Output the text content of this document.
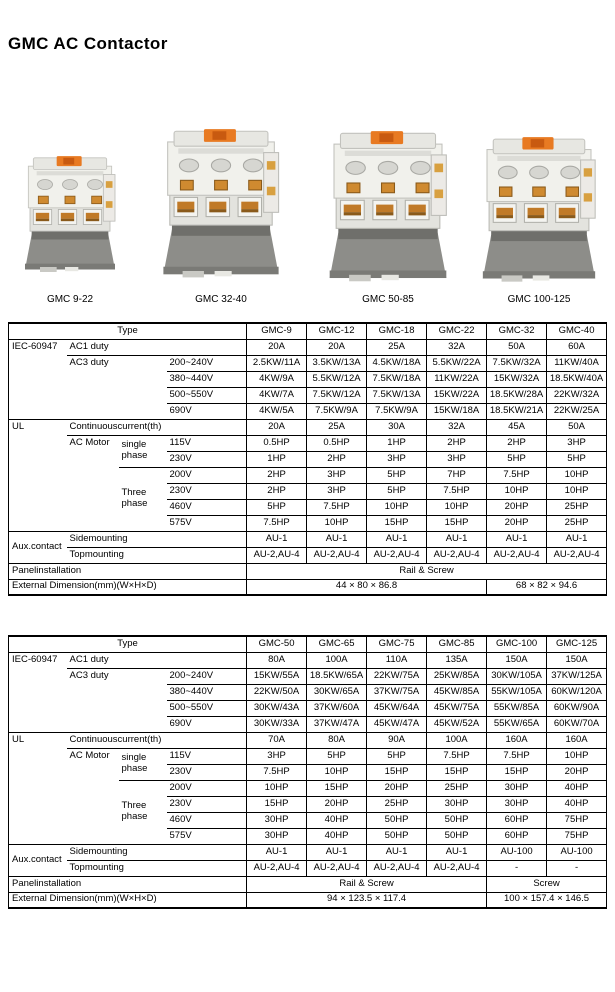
GMC AC Contactor
GMC 9-22	GMC 32-40	GMC 50-85	GMC 100-125
Type				GMC-9	GMC-12	GMC-18	GMC-22	GMC-32	GMC-40
IEC-60947	AC1 duty			20A	20A	25A	32A	50A	60A
	AC3 duty		200~240V	2.5KW/11A	3.5KW/13A	4.5KW/18A	5.5KW/22A	7.5KW/32A	11KW/40A
			380~440V	4KW/9A	5.5KW/12A	7.5KW/18A	11KW/22A	15KW/32A	18.5KW/40A
			500~550V	4KW/7A	7.5KW/12A	7.5KW/13A	15KW/22A	18.5KW/28A	22KW/32A
			690V	4KW/5A	7.5KW/9A	7.5KW/9A	15KW/18A	18.5KW/21A	22KW/25A
UL	Continuouscurrent(th)			20A	25A	30A	32A	45A	50A
	AC Motor	single phase	115V	0.5HP	0.5HP	1HP	2HP	2HP	3HP
			230V	1HP	2HP	3HP	3HP	5HP	5HP
		Three phase	200V	2HP	3HP	5HP	7HP	7.5HP	10HP
			230V	2HP	3HP	5HP	7.5HP	10HP	10HP
			460V	5HP	7.5HP	10HP	10HP	20HP	25HP
			575V	7.5HP	10HP	15HP	15HP	20HP	25HP
Aux.contact	Sidemounting			AU-1	AU-1	AU-1	AU-1	AU-1	AU-1
	Topmounting			AU-2,AU-4	AU-2,AU-4	AU-2,AU-4	AU-2,AU-4	AU-2,AU-4	AU-2,AU-4
Panelinstallation				Rail & Screw					
External Dimension(mm)(W×H×D)				44 × 80 × 86.8				68 × 82 × 94.6	
Type				GMC-50	GMC-65	GMC-75	GMC-85	GMC-100	GMC-125
IEC-60947	AC1 duty			80A	100A	110A	135A	150A	150A
	AC3 duty		200~240V	15KW/55A	18.5KW/65A	22KW/75A	25KW/85A	30KW/105A	37KW/125A
			380~440V	22KW/50A	30KW/65A	37KW/75A	45KW/85A	55KW/105A	60KW/120A
			500~550V	30KW/43A	37KW/60A	45KW/64A	45KW/75A	55KW/85A	60KW/90A
			690V	30KW/33A	37KW/47A	45KW/47A	45KW/52A	55KW/65A	60KW/70A
UL	Continuouscurrent(th)			70A	80A	90A	100A	160A	160A
	AC Motor	single phase	115V	3HP	5HP	5HP	7.5HP	7.5HP	10HP
			230V	7.5HP	10HP	15HP	15HP	15HP	20HP
		Three phase	200V	10HP	15HP	20HP	25HP	30HP	40HP
			230V	15HP	20HP	25HP	30HP	30HP	40HP
			460V	30HP	40HP	50HP	50HP	60HP	75HP
			575V	30HP	40HP	50HP	50HP	60HP	75HP
Aux.contact	Sidemounting			AU-1	AU-1	AU-1	AU-1	AU-100	AU-100
	Topmounting			AU-2,AU-4	AU-2,AU-4	AU-2,AU-4	AU-2,AU-4	-	-
Panelinstallation				Rail & Screw				Screw	
External Dimension(mm)(W×H×D)				94 × 123.5 × 117.4				100 × 157.4 × 146.5	
